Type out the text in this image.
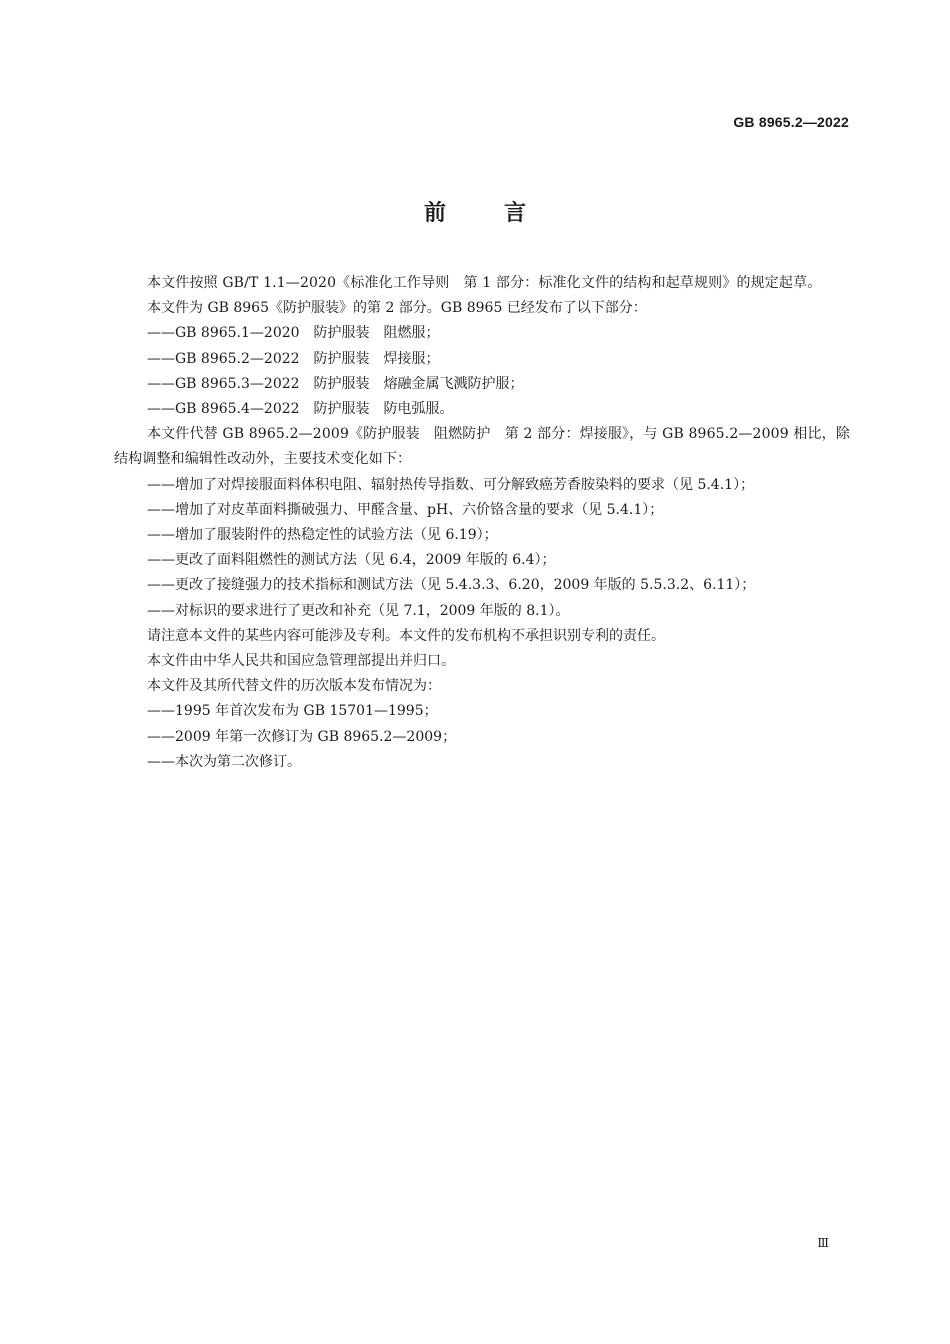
GB 8965.2—2022
前言

本文件按照 GB/T 1.1—2020《标准化工作导则　第 1 部分：标准化文件的结构和起草规则》的规定起草。

本文件为 GB 8965《防护服装》的第 2 部分。GB 8965 已经发布了以下部分：

——GB 8965.1—2020　防护服装　阻燃服；

——GB 8965.2—2022　防护服装　焊接服；

——GB 8965.3—2022　防护服装　熔融金属飞溅防护服；

——GB 8965.4—2022　防护服装　防电弧服。

本文件代替 GB 8965.2—2009《防护服装　阻燃防护　第 2 部分：焊接服》，与 GB 8965.2—2009 相比，除结构调整和编辑性改动外，主要技术变化如下：

——增加了对焊接服面料体积电阻、辐射热传导指数、可分解致癌芳香胺染料的要求（见 5.4.1）；

——增加了对皮革面料撕破强力、甲醛含量、pH、六价铬含量的要求（见 5.4.1）；

——增加了服装附件的热稳定性的试验方法（见 6.19）；

——更改了面料阻燃性的测试方法（见 6.4，2009 年版的 6.4）；

——更改了接缝强力的技术指标和测试方法（见 5.4.3.3、6.20，2009 年版的 5.5.3.2、6.11）；

——对标识的要求进行了更改和补充（见 7.1，2009 年版的 8.1）。

请注意本文件的某些内容可能涉及专利。本文件的发布机构不承担识别专利的责任。

本文件由中华人民共和国应急管理部提出并归口。

本文件及其所代替文件的历次版本发布情况为：

——1995 年首次发布为 GB 15701—1995；

——2009 年第一次修订为 GB 8965.2—2009；

——本次为第二次修订。

Ⅲ
